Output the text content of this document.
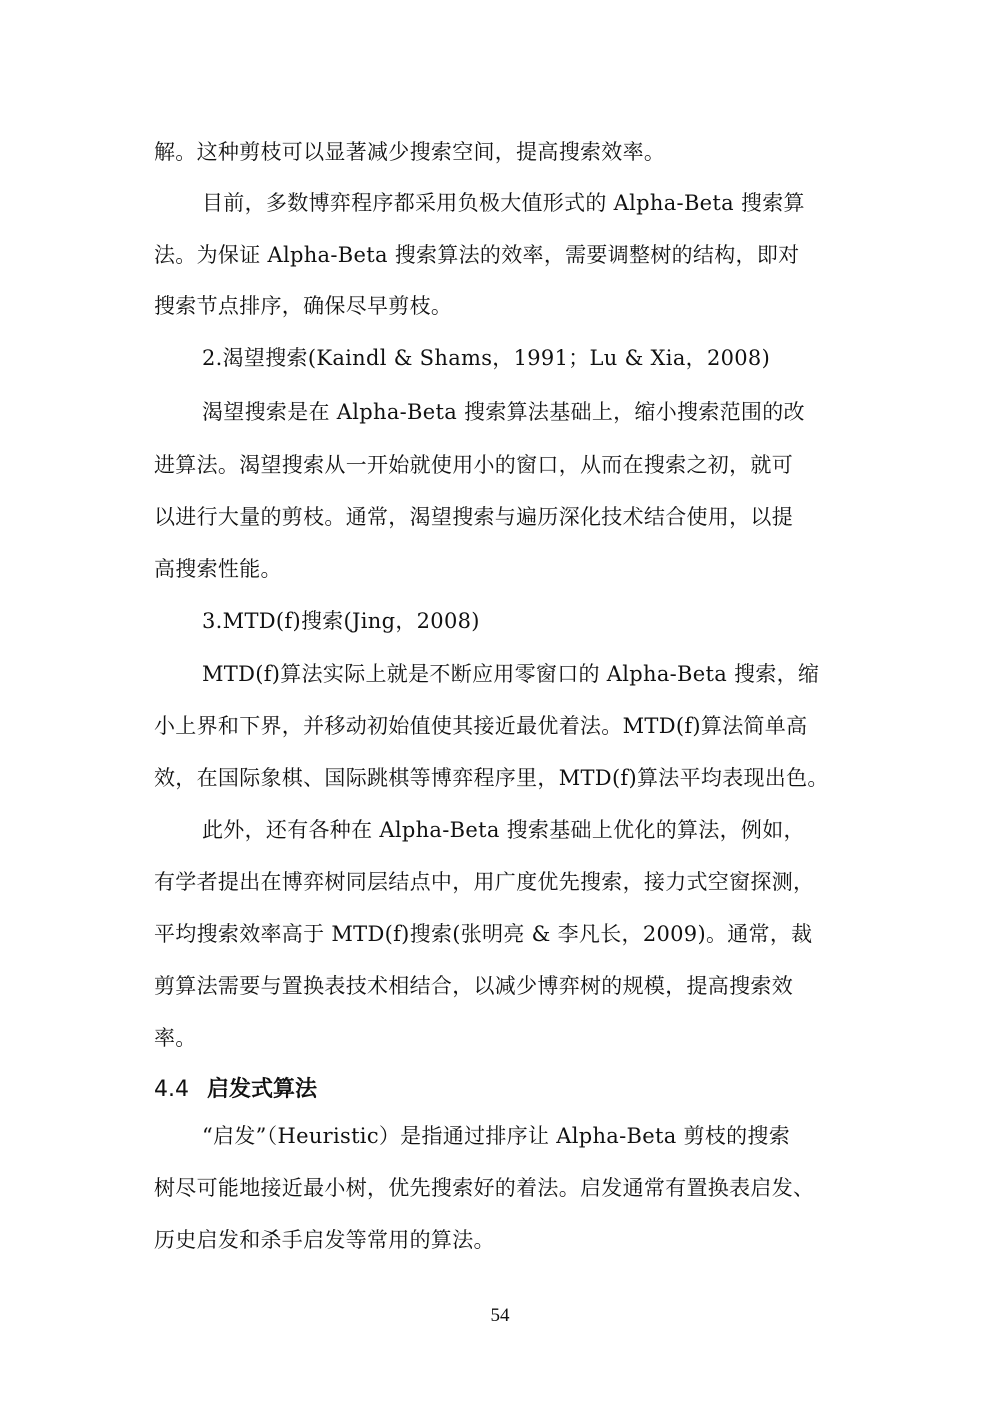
解。这种剪枝可以显著减少搜索空间，提高搜索效率。
目前，多数博弈程序都采用负极大值形式的 Alpha-Beta 搜索算
法。为保证 Alpha-Beta 搜索算法的效率，需要调整树的结构，即对
搜索节点排序，确保尽早剪枝。
2.渴望搜索(Kaindl & Shams，1991；Lu & Xia，2008)
渴望搜索是在 Alpha-Beta 搜索算法基础上，缩小搜索范围的改
进算法。渴望搜索从一开始就使用小的窗口，从而在搜索之初，就可
以进行大量的剪枝。通常，渴望搜索与遍历深化技术结合使用，以提
高搜索性能。
3.MTD(f)搜索(Jing，2008)
MTD(f)算法实际上就是不断应用零窗口的 Alpha-Beta 搜索，缩
小上界和下界，并移动初始值使其接近最优着法。MTD(f)算法简单高
效，在国际象棋、国际跳棋等博弈程序里，MTD(f)算法平均表现出色。
此外，还有各种在 Alpha-Beta 搜索基础上优化的算法，例如，
有学者提出在博弈树同层结点中，用广度优先搜索，接力式空窗探测，
平均搜索效率高于 MTD(f)搜索(张明亮 & 李凡长，2009)。通常，裁
剪算法需要与置换表技术相结合，以减少博弈树的规模，提高搜索效
率。
4.4 启发式算法
“启发”（Heuristic）是指通过排序让 Alpha-Beta 剪枝的搜索
树尽可能地接近最小树，优先搜索好的着法。启发通常有置换表启发、
历史启发和杀手启发等常用的算法。
54
